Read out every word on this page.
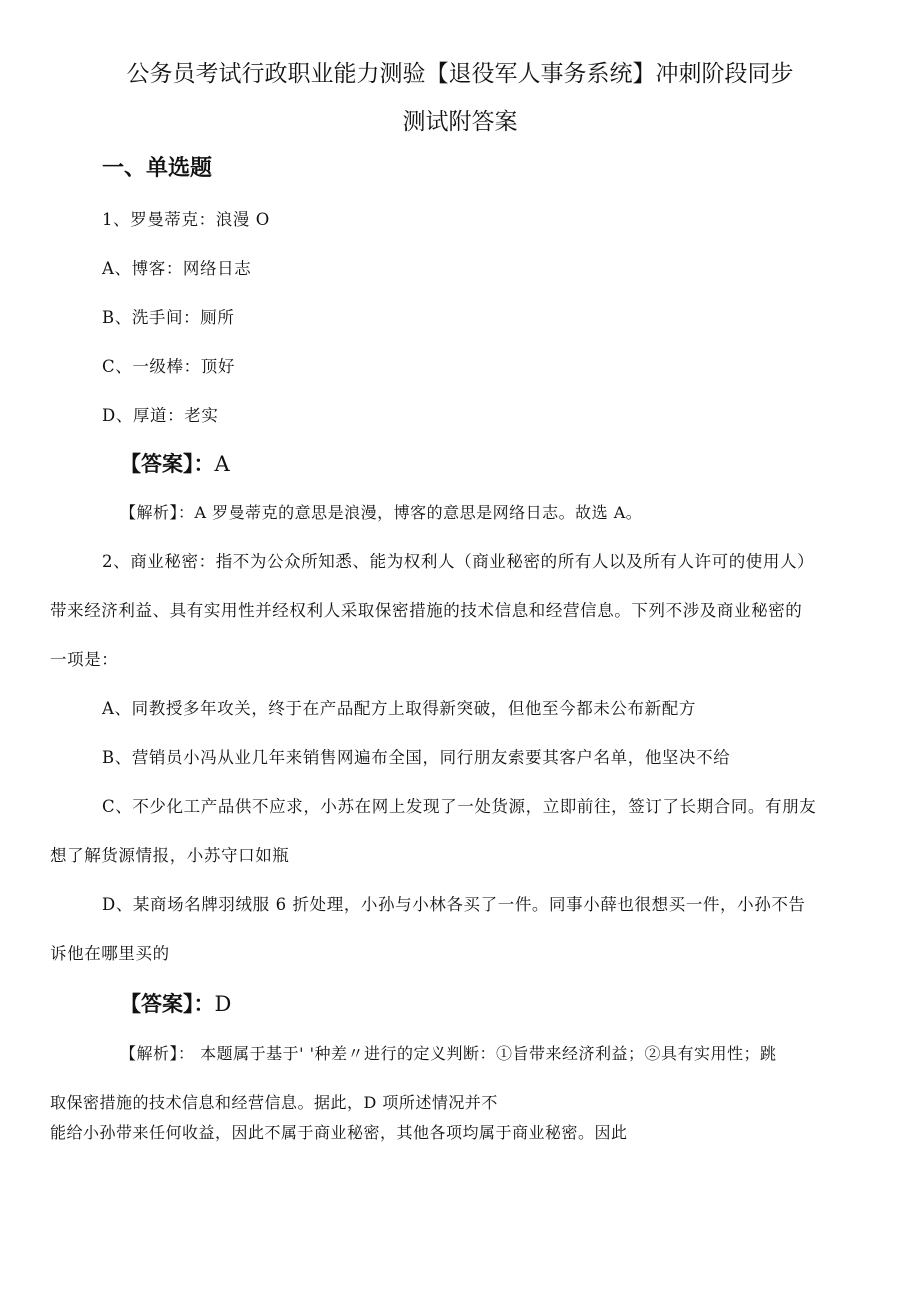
公务员考试行政职业能力测验【退役军人事务系统】冲刺阶段同步
测试附答案
一、单选题
1、罗曼蒂克：浪漫 O
A、博客：网络日志
B、洗手间：厕所
C、一级棒：顶好
D、厚道：老实
【答案】：A
【解析】：A 罗曼蒂克的意思是浪漫，博客的意思是网络日志。故选 A。
2、商业秘密：指不为公众所知悉、能为权利人（商业秘密的所有人以及所有人许可的使用人）
带来经济利益、具有实用性并经权利人采取保密措施的技术信息和经营信息。下列不涉及商业秘密的
一项是：
A、同教授多年攻关，终于在产品配方上取得新突破，但他至今都未公布新配方
B、营销员小冯从业几年来销售网遍布全国，同行朋友索要其客户名单，他坚决不给
C、不少化工产品供不应求，小苏在网上发现了一处货源，立即前往，签订了长期合同。有朋友
想了解货源情报，小苏守口如瓶
D、某商场名牌羽绒服 6 折处理，小孙与小林各买了一件。同事小薛也很想买一件，小孙不告
诉他在哪里买的
【答案】：D
【解析】： 本题属于基于' '种差〃进行的定义判断：①旨带来经济利益；②具有实用性；跳
取保密措施的技术信息和经营信息。据此，D 项所述情况并不
能给小孙带来任何收益，因此不属于商业秘密，其他各项均属于商业秘密。因此
